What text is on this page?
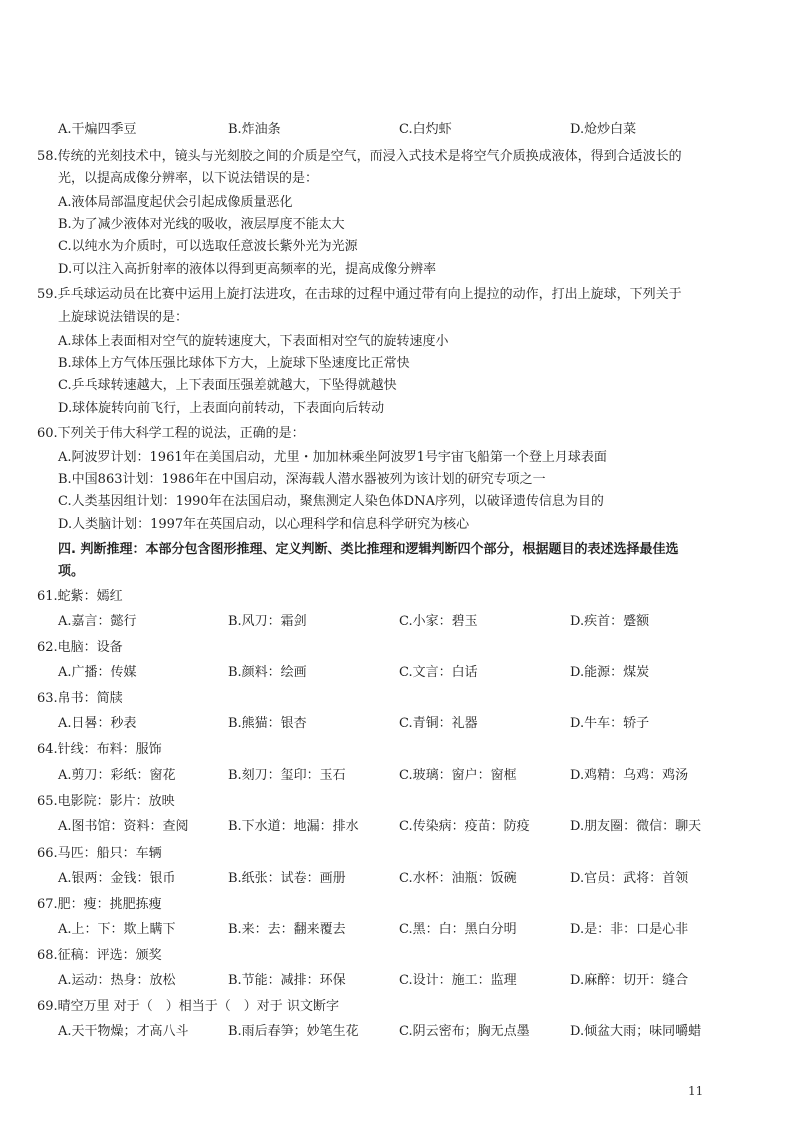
A.干煸四季豆	B.炸油条	C.白灼虾	D.炝炒白菜
58.传统的光刻技术中，镜头与光刻胶之间的介质是空气，而浸入式技术是将空气介质换成液体，得到合适波长的
光，以提高成像分辨率，以下说法错误的是：
A.液体局部温度起伏会引起成像质量恶化
B.为了减少液体对光线的吸收，液层厚度不能太大
C.以纯水为介质时，可以选取任意波长紫外光为光源
D.可以注入高折射率的液体以得到更高频率的光，提高成像分辨率
59.乒乓球运动员在比赛中运用上旋打法进攻，在击球的过程中通过带有向上提拉的动作，打出上旋球，下列关于
上旋球说法错误的是：
A.球体上表面相对空气的旋转速度大，下表面相对空气的旋转速度小
B.球体上方气体压强比球体下方大，上旋球下坠速度比正常快
C.乒乓球转速越大，上下表面压强差就越大，下坠得就越快
D.球体旋转向前飞行，上表面向前转动，下表面向后转动
60.下列关于伟大科学工程的说法，正确的是：
A.阿波罗计划：1961年在美国启动，尤里・加加林乘坐阿波罗1号宇宙飞船第一个登上月球表面
B.中国863计划：1986年在中国启动，深海载人潜水器被列为该计划的研究专项之一
C.人类基因组计划：1990年在法国启动，聚焦测定人染色体DNA序列，以破译遗传信息为目的
D.人类脑计划：1997年在英国启动，以心理科学和信息科学研究为核心
四. 判断推理：本部分包含图形推理、定义判断、类比推理和逻辑判断四个部分，根据题目的表述选择最佳选
项。
61.蛇紫：嫣红
A.嘉言：懿行	B.风刀：霜剑	C.小家：碧玉	D.疾首：蹙额
62.电脑：设备
A.广播：传媒	B.颜料：绘画	C.文言：白话	D.能源：煤炭
63.帛书：简牍
A.日晷：秒表	B.熊猫：银杏	C.青铜：礼器	D.牛车：轿子
64.针线：布料：服饰
A.剪刀：彩纸：窗花	B.刻刀：玺印：玉石	C.玻璃：窗户：窗框	D.鸡精：乌鸡：鸡汤
65.电影院：影片：放映
A.图书馆：资料：查阅	B.下水道：地漏：排水	C.传染病：疫苗：防疫	D.朋友圈：微信：聊天
66.马匹：船只：车辆
A.银两：金钱：银币	B.纸张：试卷：画册	C.水杯：油瓶：饭碗	D.官员：武将：首领
67.肥：瘦：挑肥拣瘦
A.上：下：欺上瞒下	B.来：去：翻来覆去	C.黑：白：黑白分明	D.是：非：口是心非
68.征稿：评选：颁奖
A.运动：热身：放松	B.节能：减排：环保	C.设计：施工：监理	D.麻醉：切开：缝合
69.晴空万里 对于（　）相当于（　）对于 识文断字
A.天干物燥；才高八斗	B.雨后春笋；妙笔生花	C.阴云密布；胸无点墨	D.倾盆大雨；味同嚼蜡
11
